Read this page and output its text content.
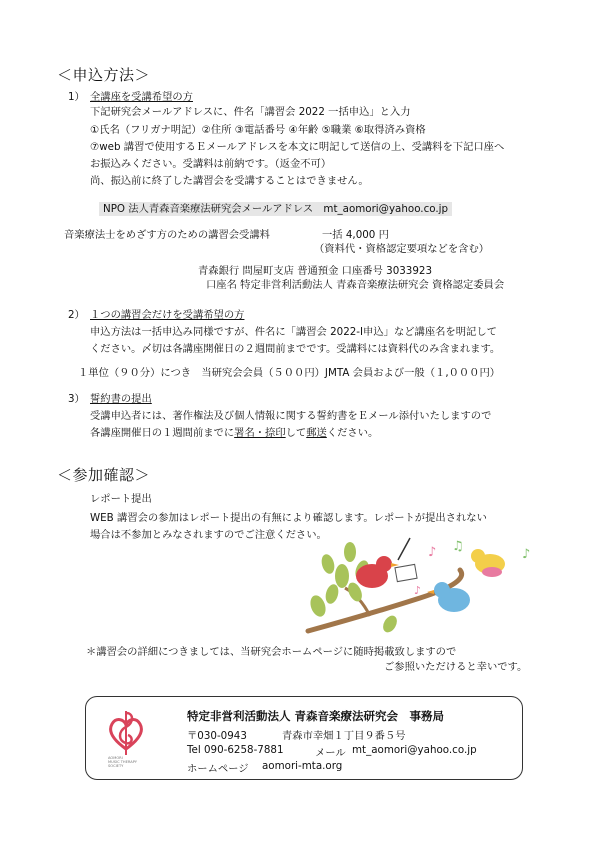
＜申込方法＞
1） 全講座を受講希望の方
下記研究会メールアドレスに、件名「講習会 2022 一括申込」と入力
①氏名（フリガナ明記）②住所 ③電話番号 ④年齢 ⑤職業 ⑥取得済み資格
⑦web 講習で使用するＥメールアドレスを本文に明記して送信の上、受講料を下記口座へ
お振込みください。受講料は前納です。（返金不可）
尚、振込前に終了した講習会を受講することはできません。
NPO 法人青森音楽療法研究会メールアドレス　mt_aomori@yahoo.co.jp
音楽療法士をめざす方のための講習会受講料	一括 4,000 円
（資料代・資格認定要項などを含む）
青森銀行 問屋町支店 普通預金 口座番号 3033923
口座名 特定非営利活動法人 青森音楽療法研究会 資格認定委員会
2） １つの講習会だけを受講希望の方
申込方法は一括申込み同様ですが、件名に「講習会 2022-Ⅰ申込」など講座名を明記して
ください。〆切は各講座開催日の２週間前までです。受講料には資料代のみ含まれます。
１単位（９０分）につき　当研究会会員（５００円）JMTA 会員および一般（１,０００円）
3） 誓約書の提出
受講申込者には、著作権法及び個人情報に関する誓約書をＥメール添付いたしますので
各講座開催日の１週間前までに署名・捺印して郵送ください。
＜参加確認＞
レポート提出
WEB 講習会の参加はレポート提出の有無により確認します。レポートが提出されない
場合は不参加とみなされますのでご注意ください。
♪ ♫
♪
♪
＊講習会の詳細につきましては、当研究会ホームページに随時掲載致しますので
ご参照いただけると幸いです。
AOMORI
MUSIC THERAPY
SOCIETY
特定非営利活動法人 青森音楽療法研究会　事務局
〒030-0943	青森市幸畑１丁目９番５号
Tel 090-6258-7881	メール mt_aomori@yahoo.co.jp
ホームページ aomori-mta.org
